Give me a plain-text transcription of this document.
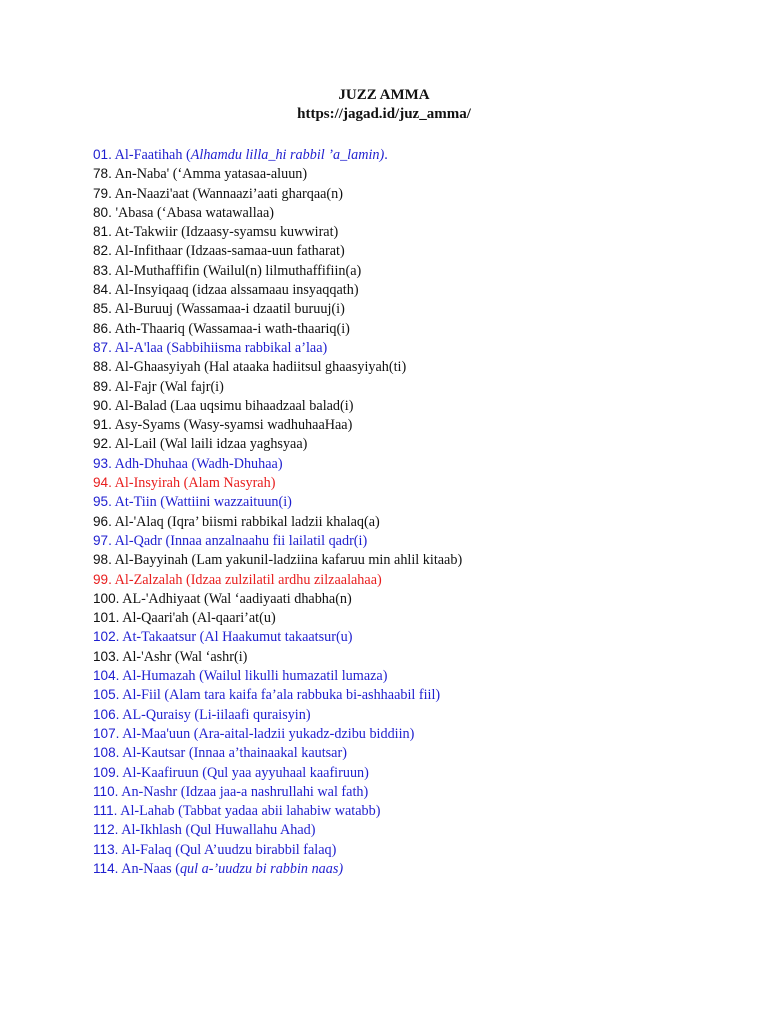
JUZZ AMMA
https://jagad.id/juz_amma/
01. Al-Faatihah (Alhamdu lilla_hi rabbil ’a_lamin).
78. An-Naba' (‘Amma yatasaa-aluun)
79. An-Naazi'aat (Wannaazi’aati gharqaa(n)
80. 'Abasa (‘Abasa watawallaa)
81. At-Takwiir (Idzaasy-syamsu kuwwirat)
82. Al-Infithaar (Idzaas-samaa-uun fatharat)
83. Al-Muthaffifin (Wailul(n) lilmuthaffifiin(a)
84. Al-Insyiqaaq (idzaa alssamaau insyaqqath)
85. Al-Buruuj (Wassamaa-i dzaatil buruuj(i)
86. Ath-Thaariq (Wassamaa-i wath-thaariq(i)
87. Al-A'laa (Sabbihiisma rabbikal a’laa)
88. Al-Ghaasyiyah (Hal ataaka hadiitsul ghaasyiyah(ti)
89. Al-Fajr (Wal fajr(i)
90. Al-Balad (Laa uqsimu bihaadzaal balad(i)
91. Asy-Syams (Wasy-syamsi wadhuhaaHaa)
92. Al-Lail (Wal laili idzaa yaghsyaa)
93. Adh-Dhuhaa (Wadh-Dhuhaa)
94. Al-Insyirah (Alam Nasyrah)
95. At-Tiin (Wattiini wazzaituun(i)
96. Al-'Alaq (Iqra’ biismi rabbikal ladzii khalaq(a)
97. Al-Qadr (Innaa anzalnaahu fii lailatil qadr(i)
98. Al-Bayyinah (Lam yakunil-ladziina kafaruu min ahlil kitaab)
99. Al-Zalzalah (Idzaa zulzilatil ardhu zilzaalahaa)
100. AL-'Adhiyaat (Wal ‘aadiyaati dhabha(n)
101. Al-Qaari'ah (Al-qaari’at(u)
102. At-Takaatsur (Al Haakumut takaatsur(u)
103. Al-'Ashr (Wal ‘ashr(i)
104. Al-Humazah (Wailul likulli humazatil lumaza)
105. Al-Fiil (Alam tara kaifa fa’ala rabbuka bi-ashhaabil fiil)
106. AL-Quraisy (Li-iilaafi quraisyin)
107. Al-Maa'uun (Ara-aital-ladzii yukadz-dzibu biddiin)
108. Al-Kautsar (Innaa a’thainaakal kautsar)
109. Al-Kaafiruun (Qul yaa ayyuhaal kaafiruun)
110. An-Nashr (Idzaa jaa-a nashrullahi wal fath)
111. Al-Lahab (Tabbat yadaa abii lahabiw watabb)
112. Al-Ikhlash (Qul Huwallahu Ahad)
113. Al-Falaq (Qul A’uudzu birabbil falaq)
114. An-Naas (qul a-’uudzu bi rabbin naas)
